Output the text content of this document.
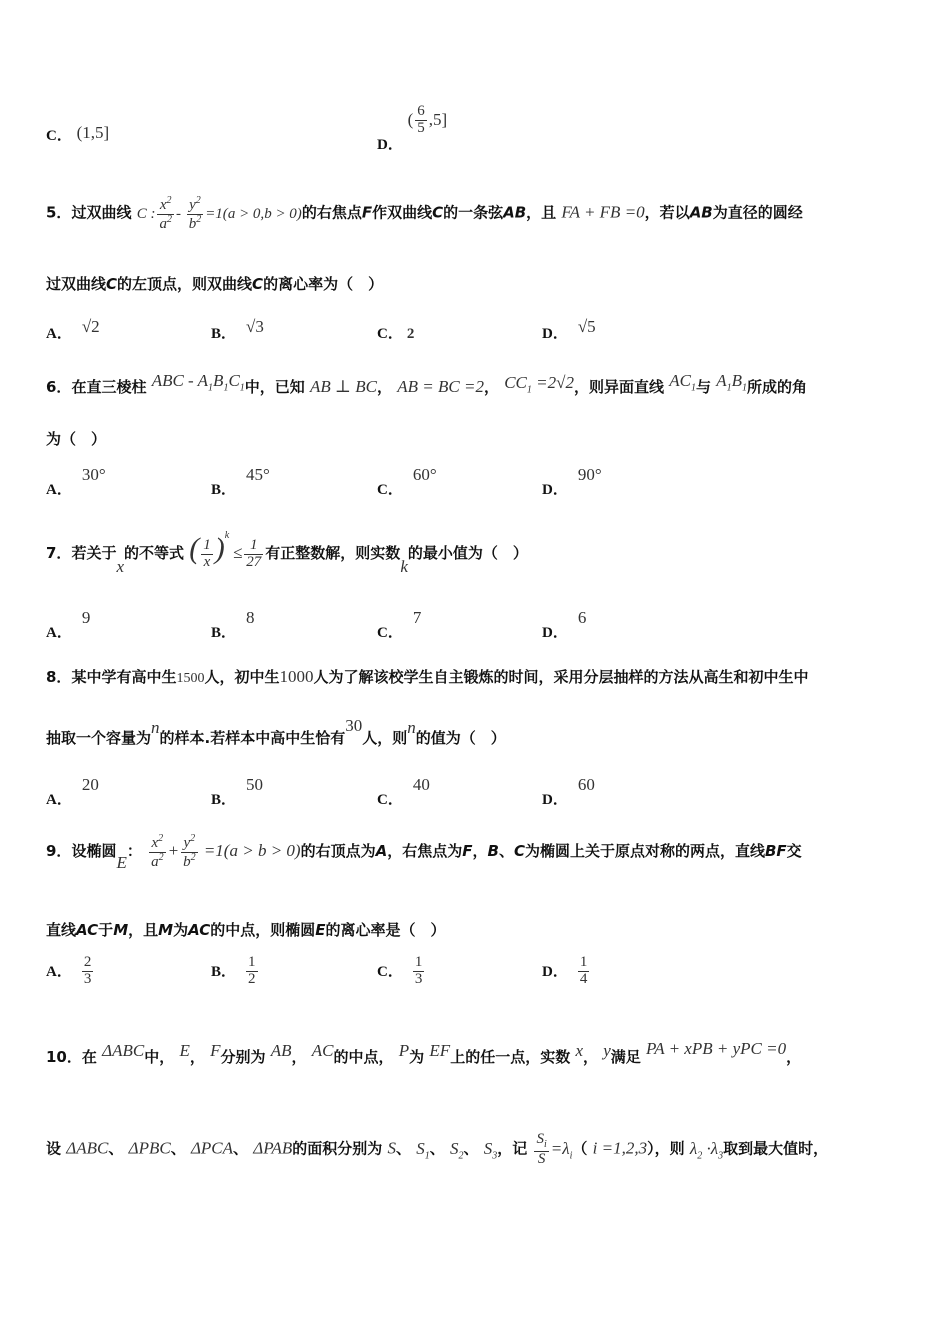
C． (1,5]
D． ( $\frac{6}{5} ,5$]
5．过双曲线 C : $\frac{x^2}{a^2} - \frac{y^2}{b^2} =1(a > 0,b > 0)$的右焦点F作双曲线C的一条弦AB，且 FA + FB =0，若以AB为直径的圆经
过双曲线C的左顶点，则双曲线C的离心率为（　）
A． √2	B． √3	C． 2	D． √5
6．在直三棱柱 ABC - $A_1B_1C_1$中，已知 AB ⊥ BC， AB = BC =2， $CC_1 =2√2$，则异面直线 $AC_1$与 $A_1B_1$所成的角
为（　）
A．30°
B．45°
C．60°
D．90°
7．若关于x的不等式 ( $\frac{1}{x} )^k \le \frac{1}{27}$ 有正整数解，则实数k的最小值为（　）
A．9
B．8
C．7
D．6
8．某中学有高中生1500人，初中生1000人为了解该校学生自主锻炼的时间，采用分层抽样的方法从高生和初中生中
抽取一个容量为n的样本.若样本中高中生恰有30人，则n的值为（　）
A．20
B．50
C．40
D．60
9．设椭圆E： $\frac{x^2}{a^2} + \frac{y^2}{b^2} =1(a > b > 0)$的右顶点为A，右焦点为F，B、C为椭圆上关于原点对称的两点，直线BF交
直线AC于M，且M为AC的中点，则椭圆E的离心率是（　）
A． $\frac{2}{3}$	B． $\frac{1}{2}$	C． $\frac{1}{3}$	D． $\frac{1}{4}$
10．在 ΔABC中， E， F分别为 AB， AC的中点， P为 EF上的任一点，实数 x， y满足 PA + xPB + yPC =0，
设 ΔABC、 ΔPBC、 ΔPCA、 ΔPAB的面积分别为 S、 $S_1$、 $S_2$、 $S_3$，记 $\frac{S_i}{S} =\lambda_i$（ i =1,2,3），则 $\lambda_2 \cdot\lambda_3$取到最大值时，
